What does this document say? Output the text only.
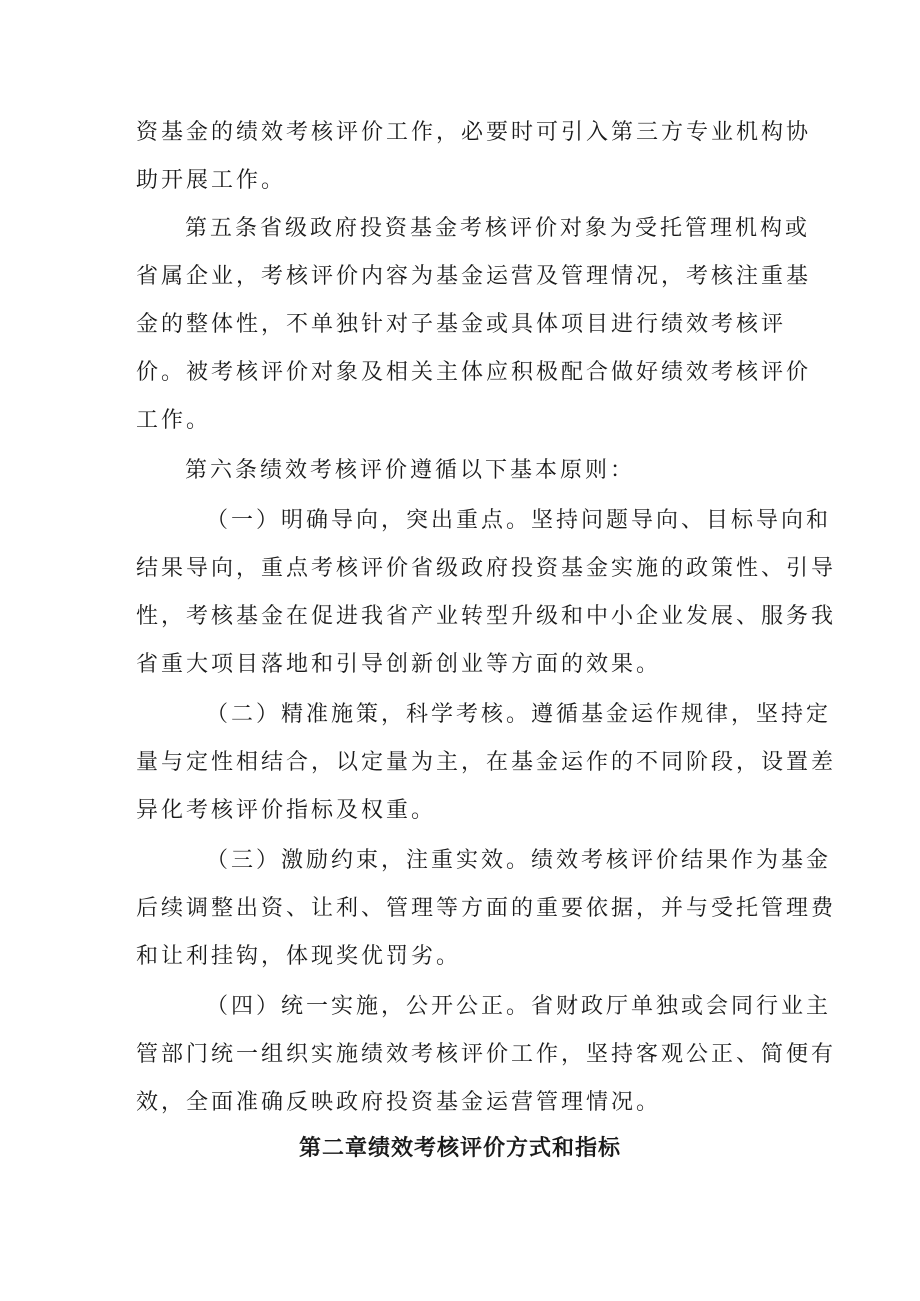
资基金的绩效考核评价工作，必要时可引入第三方专业机构协
助开展工作。
第五条省级政府投资基金考核评价对象为受托管理机构或
省属企业，考核评价内容为基金运营及管理情况，考核注重基
金的整体性，不单独针对子基金或具体项目进行绩效考核评
价。被考核评价对象及相关主体应积极配合做好绩效考核评价
工作。
第六条绩效考核评价遵循以下基本原则：
（一）明确导向，突出重点。坚持问题导向、目标导向和
结果导向，重点考核评价省级政府投资基金实施的政策性、引导
性，考核基金在促进我省产业转型升级和中小企业发展、服务我
省重大项目落地和引导创新创业等方面的效果。
（二）精准施策，科学考核。遵循基金运作规律，坚持定
量与定性相结合，以定量为主，在基金运作的不同阶段，设置差
异化考核评价指标及权重。
（三）激励约束，注重实效。绩效考核评价结果作为基金
后续调整出资、让利、管理等方面的重要依据，并与受托管理费
和让利挂钩，体现奖优罚劣。
（四）统一实施，公开公正。省财政厅单独或会同行业主
管部门统一组织实施绩效考核评价工作，坚持客观公正、简便有
效，全面准确反映政府投资基金运营管理情况。
第二章绩效考核评价方式和指标
